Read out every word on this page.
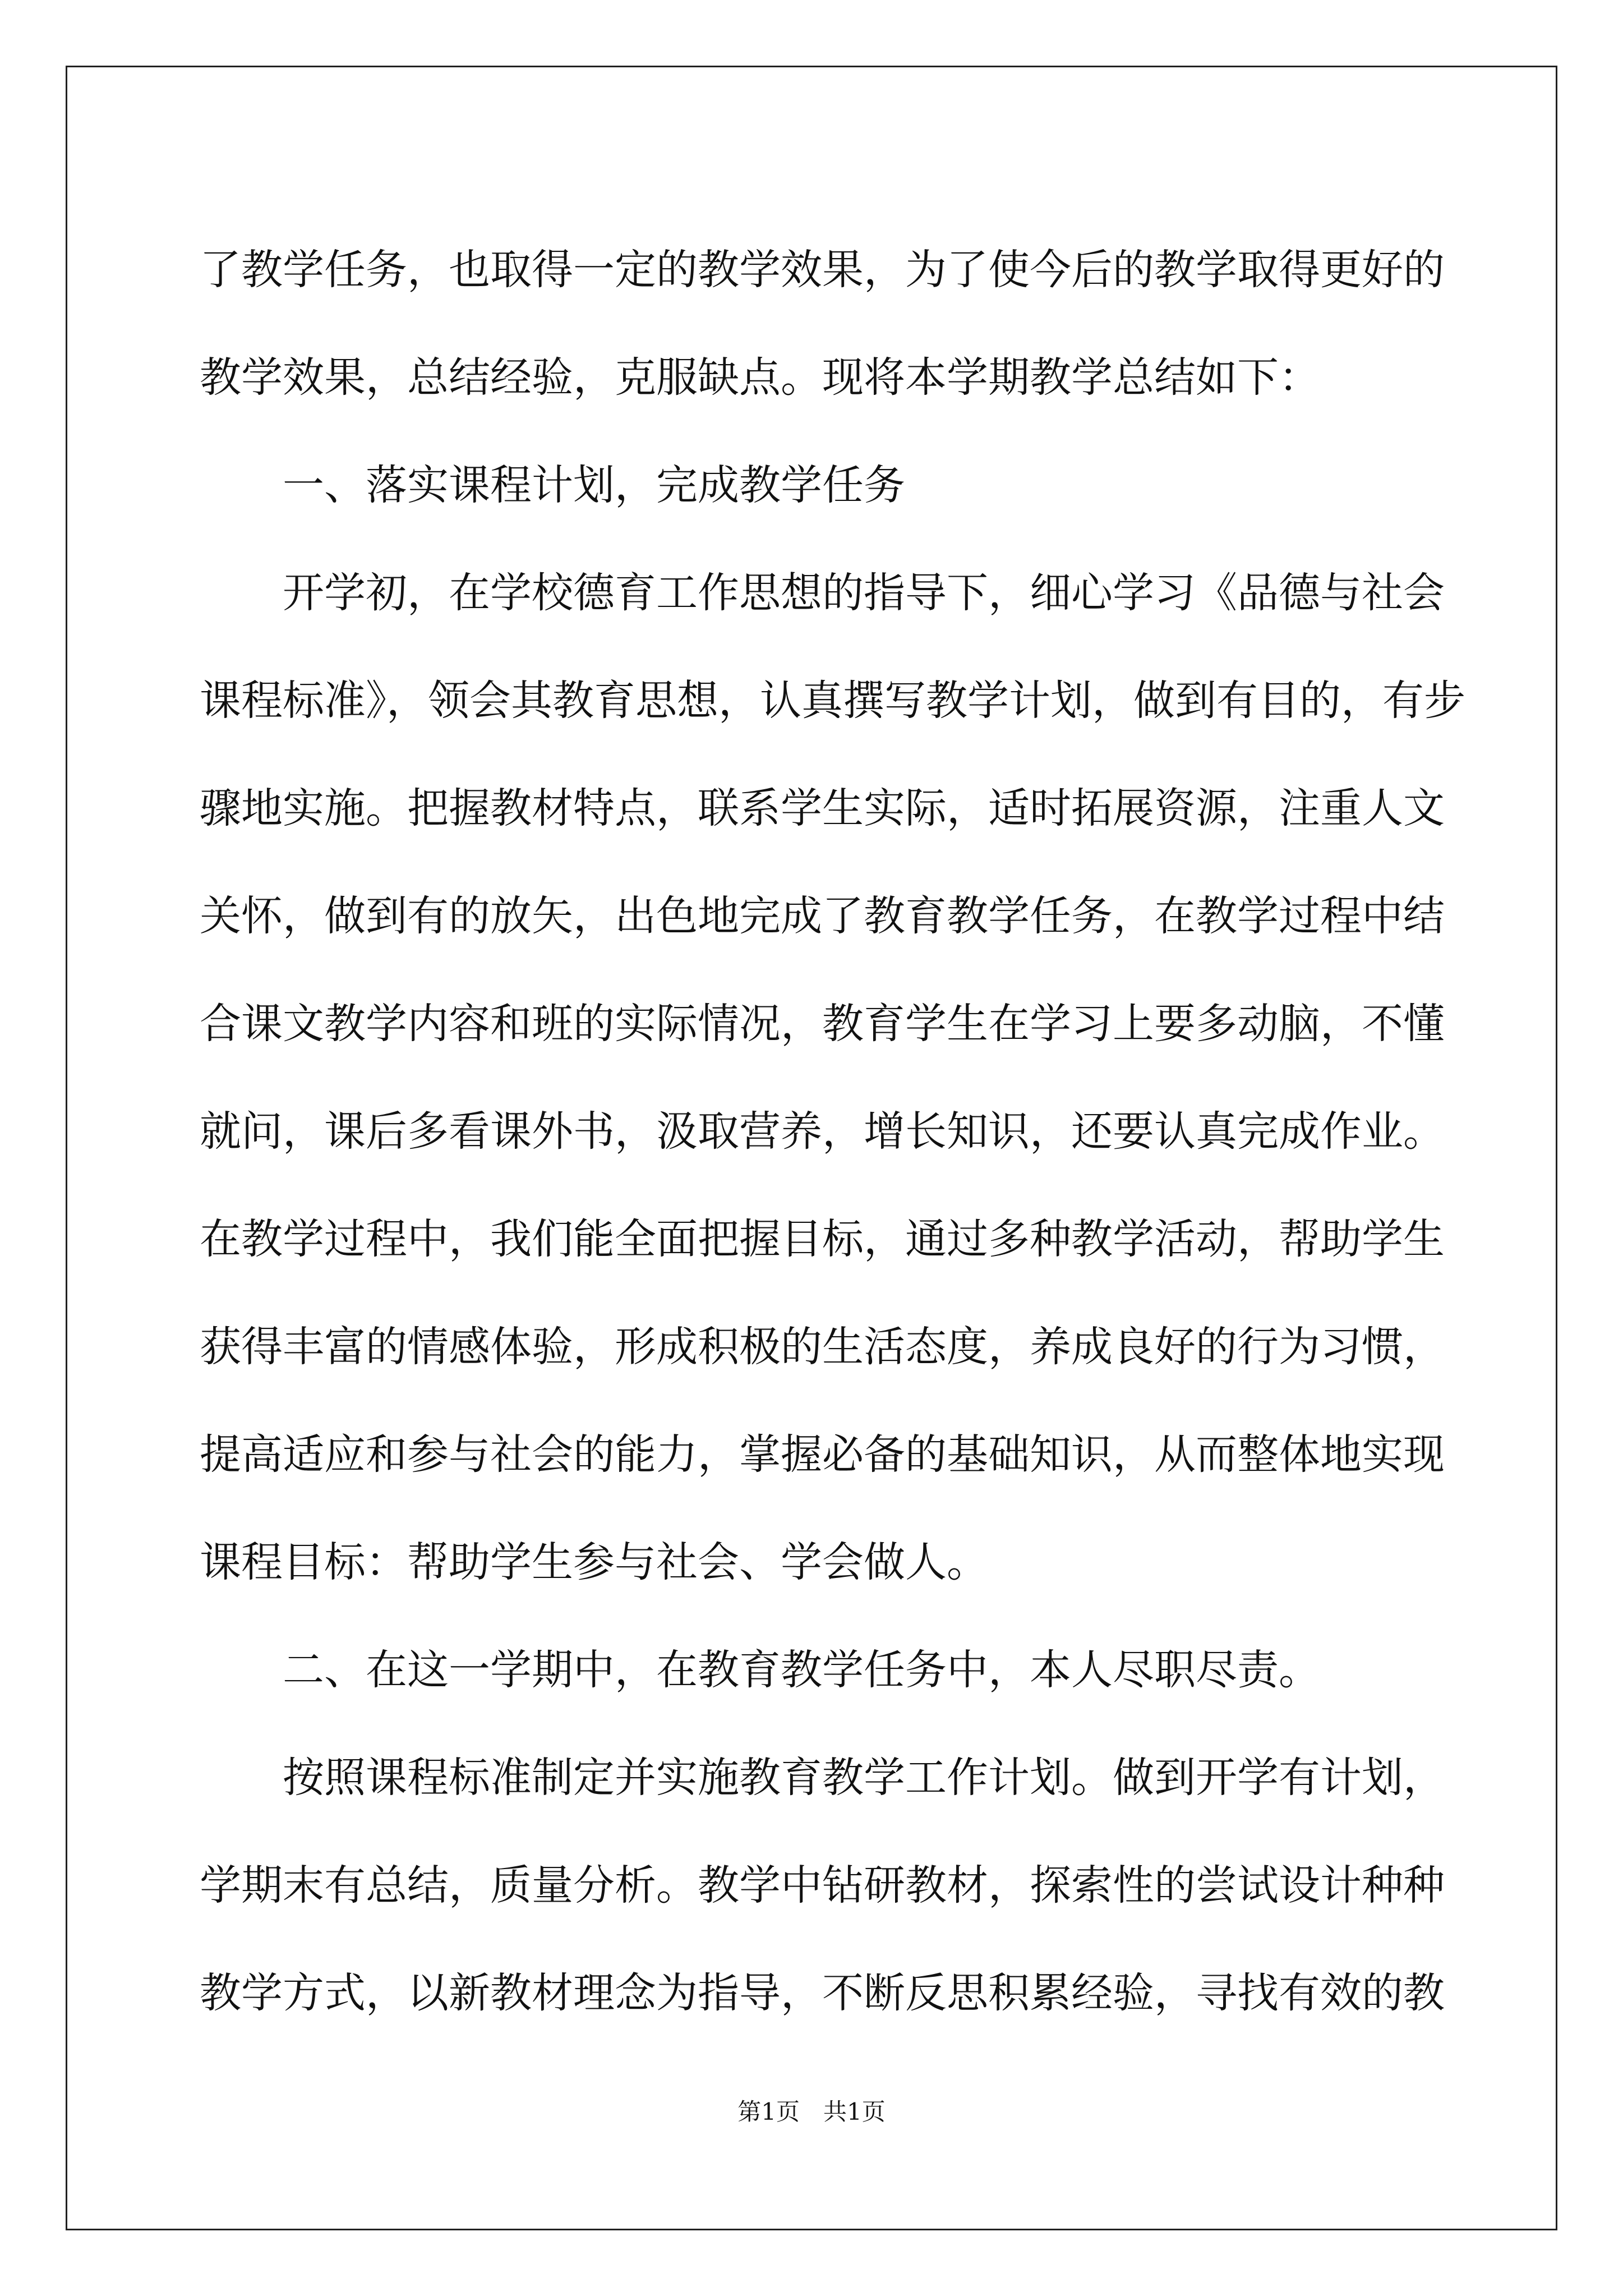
了教学任务，也取得一定的教学效果，为了使今后的教学取得更好的
教学效果，总结经验，克服缺点。现将本学期教学总结如下：
一、落实课程计划，完成教学任务
开学初，在学校德育工作思想的指导下，细心学习《品德与社会
课程标准》，领会其教育思想，认真撰写教学计划，做到有目的，有步
骤地实施。把握教材特点，联系学生实际，适时拓展资源，注重人文
关怀，做到有的放矢，出色地完成了教育教学任务，在教学过程中结
合课文教学内容和班的实际情况，教育学生在学习上要多动脑，不懂
就问，课后多看课外书，汲取营养，增长知识，还要认真完成作业。
在教学过程中，我们能全面把握目标，通过多种教学活动，帮助学生
获得丰富的情感体验，形成积极的生活态度，养成良好的行为习惯，
提高适应和参与社会的能力，掌握必备的基础知识，从而整体地实现
课程目标：帮助学生参与社会、学会做人。
二、在这一学期中，在教育教学任务中，本人尽职尽责。
按照课程标准制定并实施教育教学工作计划。做到开学有计划，
学期末有总结，质量分析。教学中钻研教材，探索性的尝试设计种种
教学方式，以新教材理念为指导，不断反思积累经验，寻找有效的教
第1页　共1页
